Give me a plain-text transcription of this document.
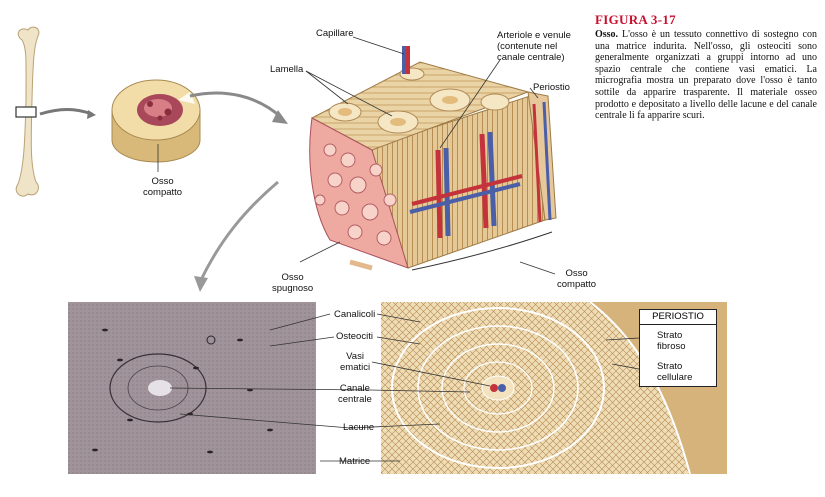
Osso
compatto
Capillare
Lamella
Arteriole e venule
(contenute nel
canale centrale)
Periostio
Osso
spugnoso
Osso
compatto
Canalicoli
Osteociti
Vasi
ematici
Canale
centrale
Lacune
Matrice
PERIOSTIO
Strato
fibroso
Strato
cellulare
FIGURA 3-17
Osso. L'osso è un tessuto connettivo di sostegno con una matrice indurita. Nell'osso, gli osteociti sono generalmente organizzati a gruppi intorno ad uno spazio centrale che contiene vasi ematici. La micrografia mostra un preparato dove l'osso è tanto sottile da apparire trasparente. Il materiale osseo prodotto e depositato a livello delle lacune e del canale centrale li fa apparire scuri.
